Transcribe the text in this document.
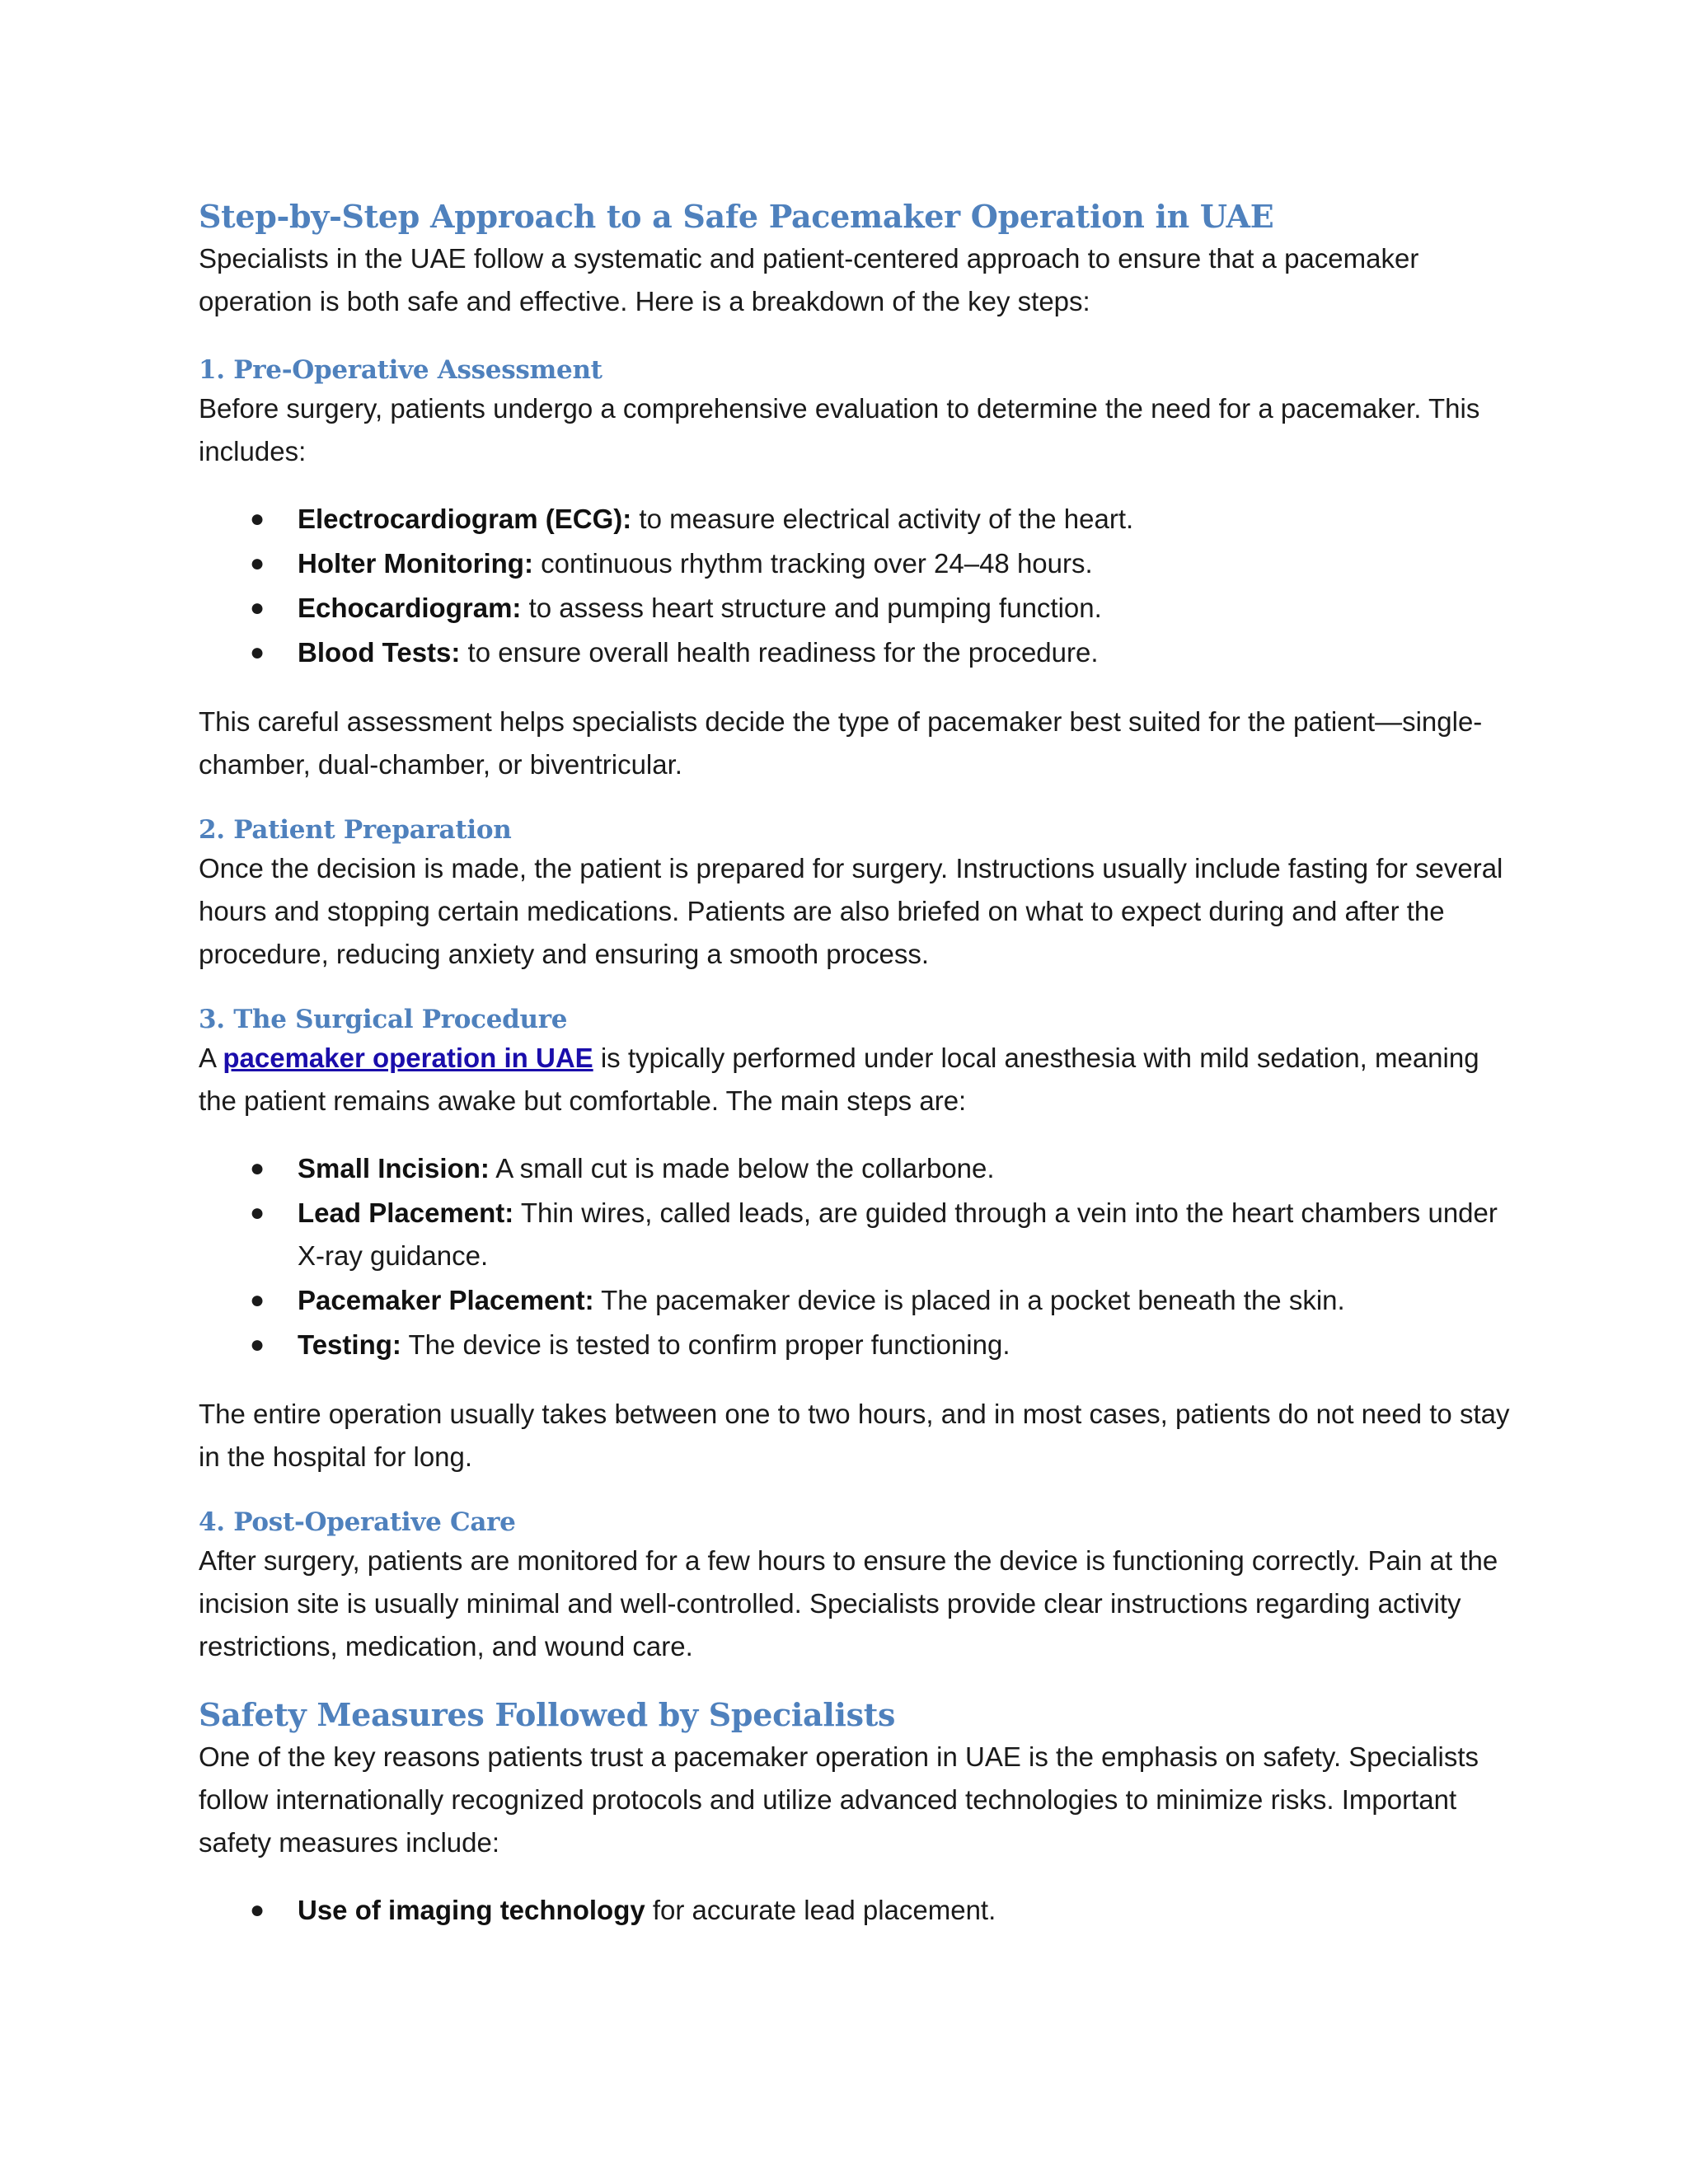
Step-by-Step Approach to a Safe Pacemaker Operation in UAE

Specialists in the UAE follow a systematic and patient-centered approach to ensure that a pacemaker operation is both safe and effective. Here is a breakdown of the key steps:

1. Pre-Operative Assessment

Before surgery, patients undergo a comprehensive evaluation to determine the need for a pacemaker. This includes:

● Electrocardiogram (ECG): to measure electrical activity of the heart.
● Holter Monitoring: continuous rhythm tracking over 24–48 hours.
● Echocardiogram: to assess heart structure and pumping function.
● Blood Tests: to ensure overall health readiness for the procedure.

This careful assessment helps specialists decide the type of pacemaker best suited for the patient—single-chamber, dual-chamber, or biventricular.

2. Patient Preparation

Once the decision is made, the patient is prepared for surgery. Instructions usually include fasting for several hours and stopping certain medications. Patients are also briefed on what to expect during and after the procedure, reducing anxiety and ensuring a smooth process.

3. The Surgical Procedure

A pacemaker operation in UAE is typically performed under local anesthesia with mild sedation, meaning the patient remains awake but comfortable. The main steps are:

● Small Incision: A small cut is made below the collarbone.
● Lead Placement: Thin wires, called leads, are guided through a vein into the heart chambers under X-ray guidance.
● Pacemaker Placement: The pacemaker device is placed in a pocket beneath the skin.
● Testing: The device is tested to confirm proper functioning.

The entire operation usually takes between one to two hours, and in most cases, patients do not need to stay in the hospital for long.

4. Post-Operative Care

After surgery, patients are monitored for a few hours to ensure the device is functioning correctly. Pain at the incision site is usually minimal and well-controlled. Specialists provide clear instructions regarding activity restrictions, medication, and wound care.

Safety Measures Followed by Specialists

One of the key reasons patients trust a pacemaker operation in UAE is the emphasis on safety. Specialists follow internationally recognized protocols and utilize advanced technologies to minimize risks. Important safety measures include:

● Use of imaging technology for accurate lead placement.
